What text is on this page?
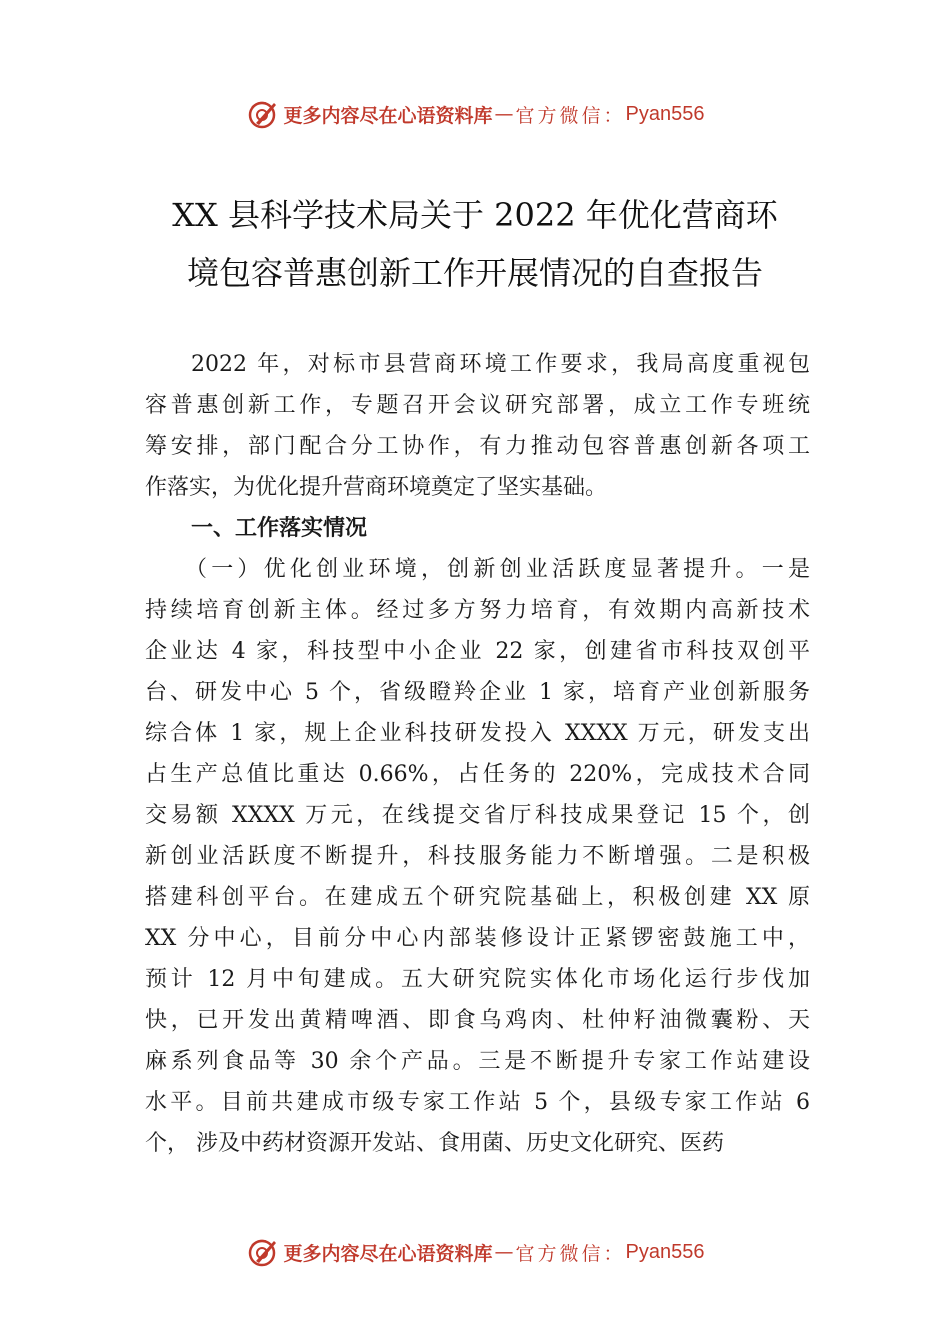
更多内容尽在心语资料库 — 官方微信： Pyan556
XX 县科学技术局关于 2022 年优化营商环
境包容普惠创新工作开展情况的自查报告
2022 年，对标市县营商环境工作要求，我局高度重视包
容普惠创新工作，专题召开会议研究部署，成立工作专班统
筹安排，部门配合分工协作，有力推动包容普惠创新各项工
作落实，为优化提升营商环境奠定了坚实基础。
一、工作落实情况
（一）优化创业环境，创新创业活跃度显著提升。一是
持续培育创新主体。经过多方努力培育，有效期内高新技术
企业达 4 家，科技型中小企业 22 家，创建省市科技双创平
台、研发中心 5 个，省级瞪羚企业 1 家，培育产业创新服务
综合体 1 家，规上企业科技研发投入 XXXX 万元，研发支出
占生产总值比重达 0.66%，占任务的 220%，完成技术合同
交易额 XXXX 万元，在线提交省厅科技成果登记 15 个，创
新创业活跃度不断提升，科技服务能力不断增强。二是积极
搭建科创平台。在建成五个研究院基础上，积极创建 XX 原
XX 分中心，目前分中心内部装修设计正紧锣密鼓施工中，
预计 12 月中旬建成。五大研究院实体化市场化运行步伐加
快，已开发出黄精啤酒、即食乌鸡肉、杜仲籽油微囊粉、天
麻系列食品等 30 余个产品。三是不断提升专家工作站建设
水平。目前共建成市级专家工作站 5 个，县级专家工作站 6
个， 涉及中药材资源开发站、食用菌、历史文化研究、医药
更多内容尽在心语资料库 — 官方微信： Pyan556
